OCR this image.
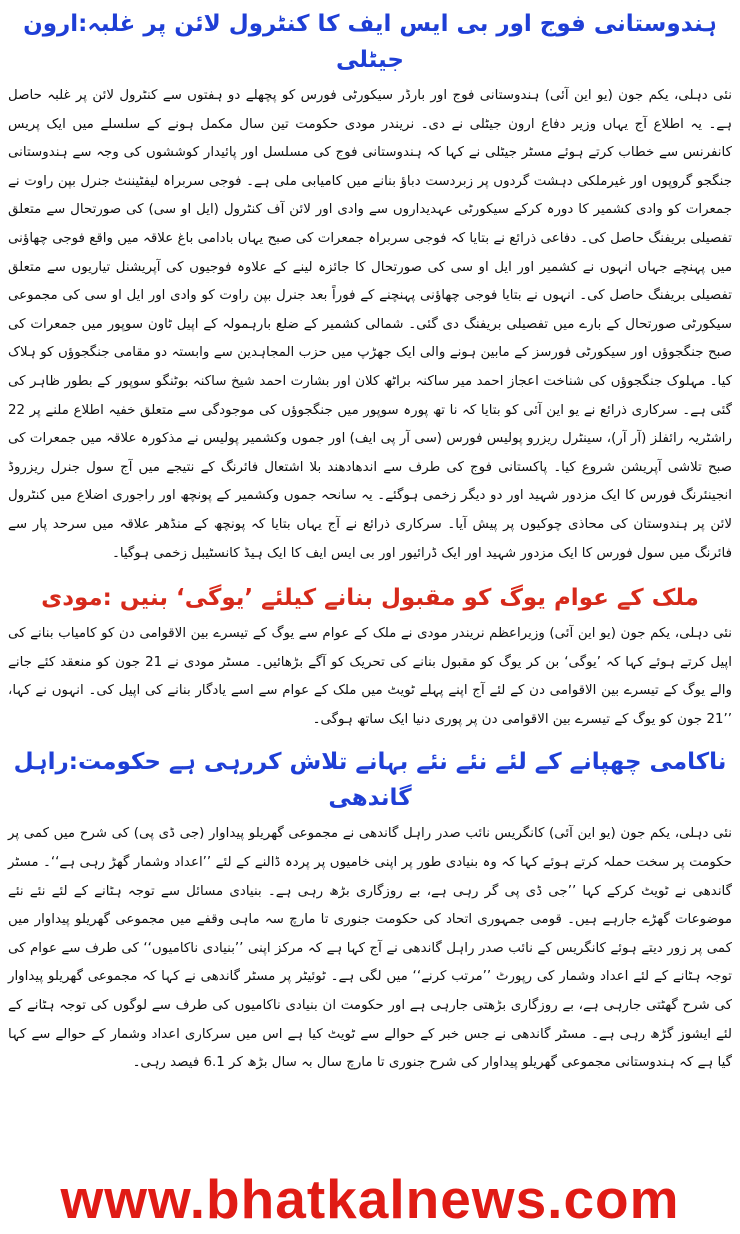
ہندوستانی فوج اور بی ایس ایف کا کنٹرول لائن پر غلبہ:ارون جیٹلی

نئی دہلی، یکم جون (یو این آئی) ہندوستانی فوج اور بارڈر سیکورٹی فورس کو پچھلے دو ہفتوں سے کنٹرول لائن پر غلبہ حاصل ہے۔ یہ اطلاع آج یہاں وزیر دفاع ارون جیٹلی نے دی۔ نریندر مودی حکومت تین سال مکمل ہونے کے سلسلے میں ایک پریس کانفرنس سے خطاب کرتے ہوئے مسٹر جیٹلی نے کہا کہ ہندوستانی فوج کی مسلسل اور پائیدار کوششوں کی وجہ سے ہندوستانی جنگجو گروپوں اور غیرملکی دہشت گردوں پر زبردست دباؤ بنانے میں کامیابی ملی ہے۔ فوجی سربراہ لیفٹیننٹ جنرل بپن راوت نے جمعرات کو وادی کشمیر کا دورہ کرکے سیکورٹی عہدیداروں سے وادی اور لائن آف کنٹرول (ایل او سی) کی صورتحال سے متعلق تفصیلی بریفنگ حاصل کی۔ دفاعی ذرائع نے بتایا کہ فوجی سربراہ جمعرات کی صبح یہاں بادامی باغ علاقہ میں واقع فوجی چھاؤنی میں پہنچے جہاں انہوں نے کشمیر اور ایل او سی کی صورتحال کا جائزہ لینے کے علاوہ فوجیوں کی آپریشنل تیاریوں سے متعلق تفصیلی بریفنگ حاصل کی۔ انہوں نے بتایا فوجی چھاؤنی پہنچنے کے فوراً بعد جنرل بپن راوت کو وادی اور ایل او سی کی مجموعی سیکورٹی صورتحال کے بارے میں تفصیلی بریفنگ دی گئی۔ شمالی کشمیر کے ضلع بارہمولہ کے اپیل ٹاون سوپور میں جمعرات کی صبح جنگجوؤں اور سیکورٹی فورسز کے مابین ہونے والی ایک جھڑپ میں حزب المجاہدین سے وابستہ دو مقامی جنگجوؤں کو ہلاک کیا۔ مہلوک جنگجوؤں کی شناخت اعجاز احمد میر ساکنہ براٹھ کلان اور بشارت احمد شیخ ساکنہ بوٹنگو سوپور کے بطور ظاہر کی گئی ہے۔ سرکاری ذرائع نے یو این آئی کو بتایا کہ نا تھ پورہ سوپور میں جنگجوؤں کی موجودگی سے متعلق خفیہ اطلاع ملنے پر 22 راشٹریہ رائفلز (آر آر)، سینٹرل ریزرو پولیس فورس (سی آر پی ایف) اور جموں وکشمیر پولیس نے مذکورہ علاقہ میں جمعرات کی صبح تلاشی آپریشن شروع کیا۔ پاکستانی فوج کی طرف سے اندھادھند بلا اشتعال فائرنگ کے نتیجے میں آج سول جنرل ریزروڈ انجینئرنگ فورس کا ایک مزدور شہید اور دو دیگر زخمی ہوگئے۔ یہ سانحہ جموں وکشمیر کے پونچھ اور راجوری اضلاع میں کنٹرول لائن پر ہندوستان کی محاذی چوکیوں پر پیش آیا۔ سرکاری ذرائع نے آج یہاں بتایا کہ پونچھ کے منڈھر علاقہ میں سرحد پار سے فائرنگ میں سول فورس کا ایک مزدور شہید اور ایک ڈرائیور اور بی ایس ایف کا ایک ہیڈ کانسٹیبل زخمی ہوگیا۔

ملک کے عوام یوگ کو مقبول بنانے کیلئے ’یوگی‘ بنیں :مودی

نئی دہلی، یکم جون (یو این آئی) وزیراعظم نریندر مودی نے ملک کے عوام سے یوگ کے تیسرے بین الاقوامی دن کو کامیاب بنانے کی اپیل کرتے ہوئے کہا کہ ’یوگی‘ بن کر یوگ کو مقبول بنانے کی تحریک کو آگے بڑھائیں۔ مسٹر مودی نے 21 جون کو منعقد کئے جانے والے یوگ کے تیسرے بین الاقوامی دن کے لئے آج اپنے پہلے ٹویٹ میں ملک کے عوام سے اسے یادگار بنانے کی اپیل کی۔ انہوں نے کہا، ’’21 جون کو یوگ کے تیسرے بین الاقوامی دن پر پوری دنیا ایک ساتھ ہوگی۔

ناکامی چھپانے کے لئے نئے نئے بہانے تلاش کررہی ہے حکومت:راہل گاندھی

نئی دہلی، یکم جون (یو این آئی) کانگریس نائب صدر راہل گاندھی نے مجموعی گھریلو پیداوار (جی ڈی پی) کی شرح میں کمی پر حکومت پر سخت حملہ کرتے ہوئے کہا کہ وہ بنیادی طور پر اپنی خامیوں پر پردہ ڈالنے کے لئے ’’اعداد وشمار گھڑ رہی ہے‘‘۔ مسٹر گاندھی نے ٹویٹ کرکے کہا ’’جی ڈی پی گر رہی ہے، بے روزگاری بڑھ رہی ہے۔ بنیادی مسائل سے توجہ ہٹانے کے لئے نئے نئے موضوعات گھڑے جارہے ہیں۔ قومی جمہوری اتحاد کی حکومت جنوری تا مارچ سہ ماہی وقفے میں مجموعی گھریلو پیداوار میں کمی پر زور دیتے ہوئے کانگریس کے نائب صدر راہل گاندھی نے آج کہا ہے کہ مرکز اپنی ’’بنیادی ناکامیوں‘‘ کی طرف سے عوام کی توجہ ہٹانے کے لئے اعداد وشمار کی رپورٹ ’’مرتب کرنے‘‘ میں لگی ہے۔ ٹوئیٹر پر مسٹر گاندھی نے کہا کہ مجموعی گھریلو پیداوار کی شرح گھٹتی جارہی ہے، بے روزگاری بڑھتی جارہی ہے اور حکومت ان بنیادی ناکامیوں کی طرف سے لوگوں کی توجہ ہٹانے کے لئے ایشوز گڑھ رہی ہے۔ مسٹر گاندھی نے جس خبر کے حوالے سے ٹویٹ کیا ہے اس میں سرکاری اعداد وشمار کے حوالے سے کہا گیا ہے کہ ہندوستانی مجموعی گھریلو پیداوار کی شرح جنوری تا مارچ سال بہ سال بڑھ کر 6.1 فیصد رہی۔

www.bhatkalnews.com
